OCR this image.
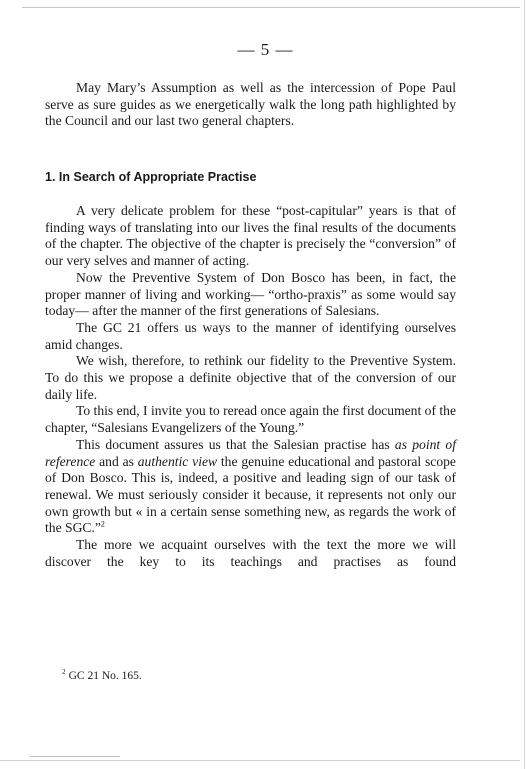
— 5 —

May Mary’s Assumption as well as the intercession of Pope Paul serve as sure guides as we energetically walk the long path highlighted by the Council and our last two general chapters.

1. In Search of Appropriate Practise

A very delicate problem for these “post-capitular” years is that of finding ways of translating into our lives the final results of the documents of the chapter. The objective of the chapter is precisely the “conversion” of our very selves and manner of acting.

Now the Preventive System of Don Bosco has been, in fact, the proper manner of living and working— “ortho-praxis” as some would say today— after the manner of the first generations of Salesians.

The GC 21 offers us ways to the manner of identifying ourselves amid changes.

We wish, therefore, to rethink our fidelity to the Preventive System. To do this we propose a definite objective that of the conversion of our daily life.

To this end, I invite you to reread once again the first document of the chapter, “Salesians Evangelizers of the Young.”

This document assures us that the Salesian practise has as point of reference and as authentic view the genuine educational and pastoral scope of Don Bosco. This is, indeed, a positive and leading sign of our task of renewal. We must seriously consider it because, it represents not only our own growth but « in a certain sense something new, as regards the work of the SGC.”$^2$

The more we acquaint ourselves with the text the more we will discover the key to its teachings and practises as found

$^2$ GC 21 No. 165.
